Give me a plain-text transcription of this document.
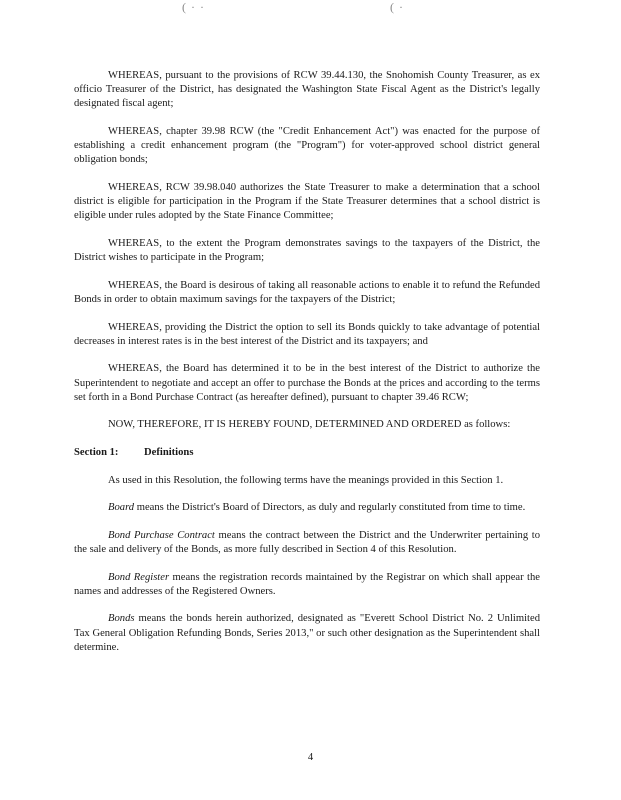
( · ·	( ·

WHEREAS, pursuant to the provisions of RCW 39.44.130, the Snohomish County Treasurer, as ex officio Treasurer of the District, has designated the Washington State Fiscal Agent as the District's legally designated fiscal agent;

WHEREAS, chapter 39.98 RCW (the "Credit Enhancement Act") was enacted for the purpose of establishing a credit enhancement program (the "Program") for voter-approved school district general obligation bonds;

WHEREAS, RCW 39.98.040 authorizes the State Treasurer to make a determination that a school district is eligible for participation in the Program if the State Treasurer determines that a school district is eligible under rules adopted by the State Finance Committee;

WHEREAS, to the extent the Program demonstrates savings to the taxpayers of the District, the District wishes to participate in the Program;

WHEREAS, the Board is desirous of taking all reasonable actions to enable it to refund the Refunded Bonds in order to obtain maximum savings for the taxpayers of the District;

WHEREAS, providing the District the option to sell its Bonds quickly to take advantage of potential decreases in interest rates is in the best interest of the District and its taxpayers; and

WHEREAS, the Board has determined it to be in the best interest of the District to authorize the Superintendent to negotiate and accept an offer to purchase the Bonds at the prices and according to the terms set forth in a Bond Purchase Contract (as hereafter defined), pursuant to chapter 39.46 RCW;

NOW, THEREFORE, IT IS HEREBY FOUND, DETERMINED AND ORDERED as follows:

Section 1: Definitions

As used in this Resolution, the following terms have the meanings provided in this Section 1.

Board means the District's Board of Directors, as duly and regularly constituted from time to time.

Bond Purchase Contract means the contract between the District and the Underwriter pertaining to the sale and delivery of the Bonds, as more fully described in Section 4 of this Resolution.

Bond Register means the registration records maintained by the Registrar on which shall appear the names and addresses of the Registered Owners.

Bonds means the bonds herein authorized, designated as "Everett School District No. 2 Unlimited Tax General Obligation Refunding Bonds, Series 2013," or such other designation as the Superintendent shall determine.

4
